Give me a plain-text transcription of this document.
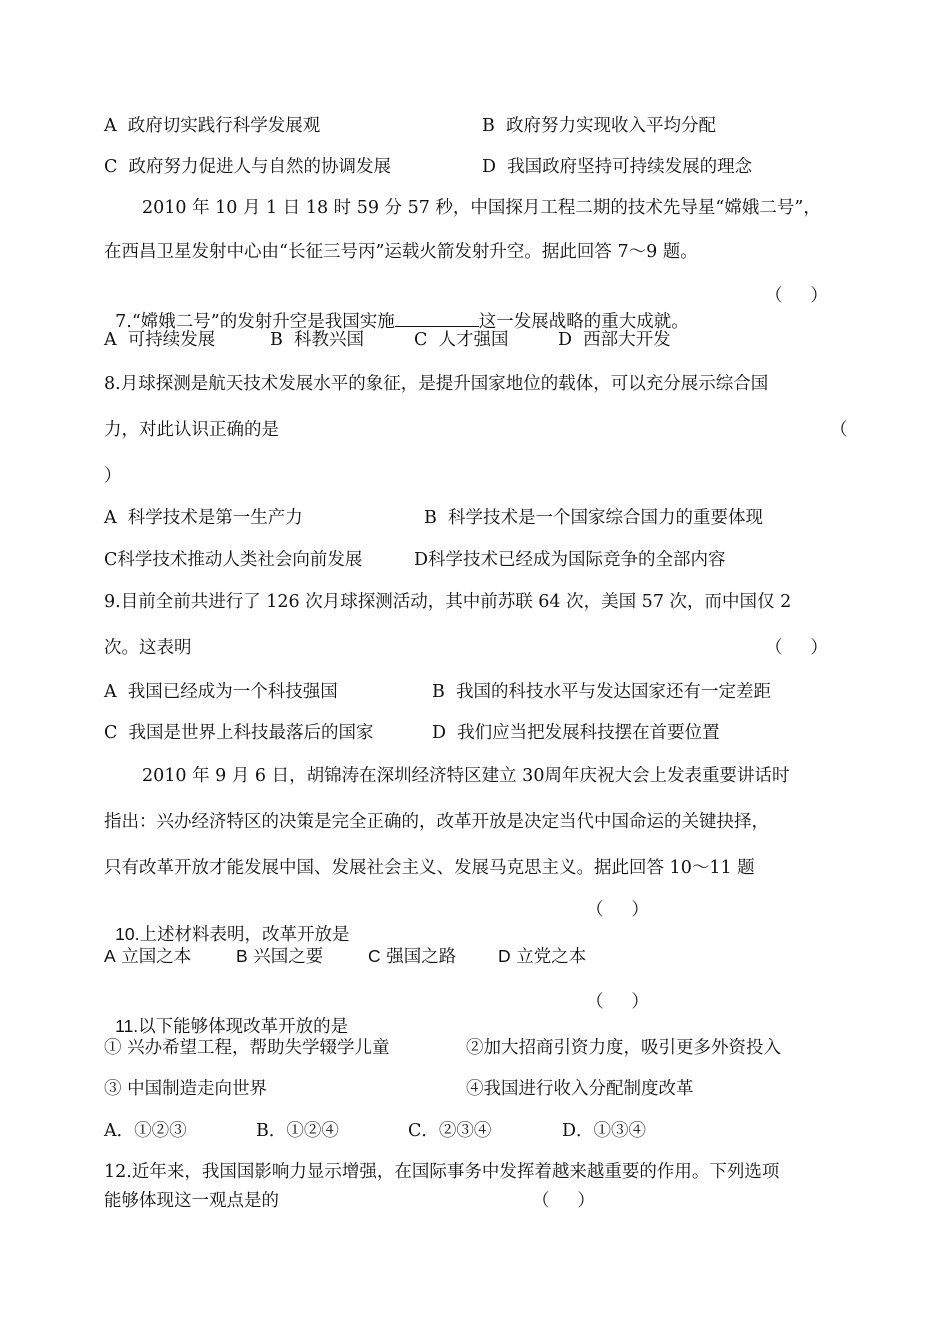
A  政府切实践行科学发展观	B  政府努力实现收入平均分配
C  政府努力促进人与自然的协调发展	D  我国政府坚持可持续发展的理念
2010 年 10 月 1 日 18 时 59 分 57 秒，中国探月工程二期的技术先导星“嫦娥二号”，
在西昌卫星发射中心由“长征三号丙”运载火箭发射升空。据此回答 7～9 题。

7.“嫦娥二号”的发射升空是我国实施	这一发展战略的重大成就。

（     ）
A  可持续发展	B  科教兴国	C  人才强国	D  西部大开发
8.月球探测是航天技术发展水平的象征，是提升国家地位的载体，可以充分展示综合国
力，对此认识正确的是	（
）
A  科学技术是第一生产力	B  科学技术是一个国家综合国力的重要体现
C科学技术推动人类社会向前发展	D科学技术已经成为国际竞争的全部内容
9.目前全前共进行了 126 次月球探测活动，其中前苏联 64 次，美国 57 次，而中国仅 2
次。这表明	（     ）
A  我国已经成为一个科技强国	B  我国的科技水平与发达国家还有一定差距
C  我国是世界上科技最落后的国家	D  我们应当把发展科技摆在首要位置
2010 年 9 月 6 日，胡锦涛在深圳经济特区建立 30周年庆祝大会上发表重要讲话时
指出：兴办经济特区的决策是完全正确的，改革开放是决定当代中国命运的关键抉择，
只有改革开放才能发展中国、发展社会主义、发展马克思主义。据此回答 10～11 题

10.上述材料表明，改革开放是

（     ）
A 立国之本	B 兴国之要	C 强国之路 D 立党之本

11.以下能够体现改革开放的是

（     ）
① 兴办希望工程，帮助失学辍学儿童	②加大招商引资力度，吸引更多外资投入
③ 中国制造走向世界	④我国进行收入分配制度改革
A．①②③	B．①②④	C．②③④	D．①③④
12.近年来，我国国影响力显示增强，在国际事务中发挥着越来越重要的作用。下列选项
能够体现这一观点是的	（     ）
